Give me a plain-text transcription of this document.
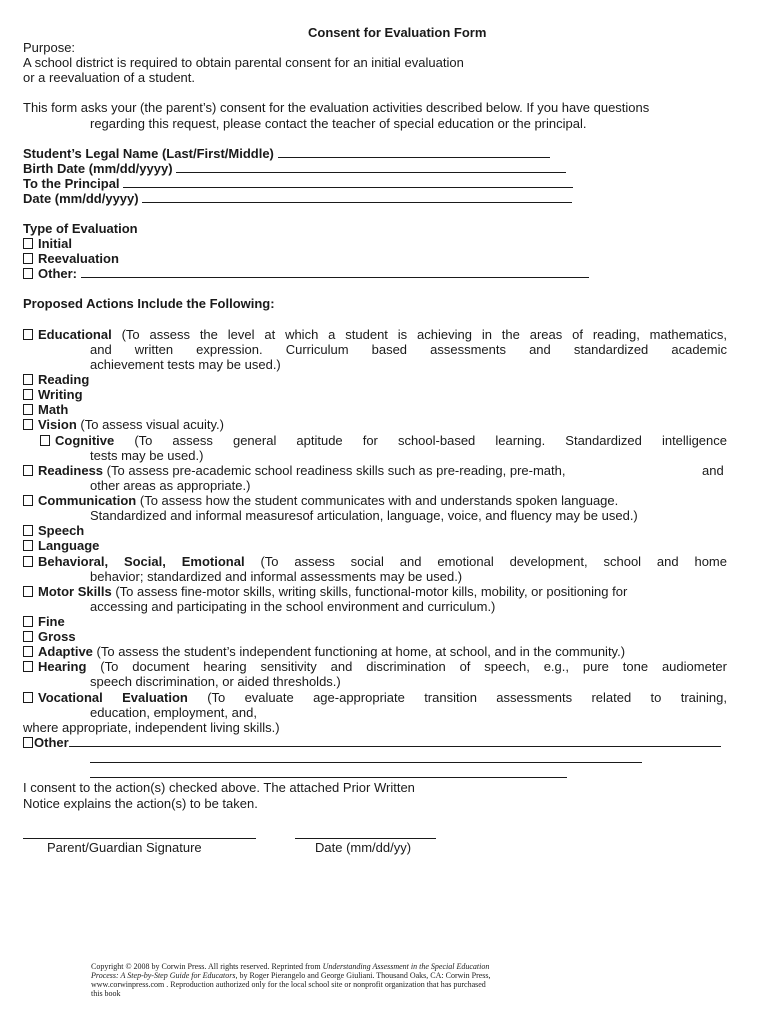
Consent for Evaluation Form
Purpose:
A school district is required to obtain parental consent for an initial evaluation
or a reevaluation of a student.
This form asks your (the parent’s) consent for the evaluation activities described below. If you have questions
regarding this request, please contact the teacher of special education or the principal.
Student’s Legal Name (Last/First/Middle)
Birth Date (mm/dd/yyyy)
To the Principal
Date (mm/dd/yyyy)
Type of Evaluation
Initial
Reevaluation
Other:
Proposed Actions Include the Following:
Educational (To assess the level at which a student is achieving in the areas of reading, mathematics,
and written expression. Curriculum based assessments and standardized academic
achievement tests may be used.)
Reading
Writing
Math
Vision (To assess visual acuity.)
Cognitive (To assess general aptitude for school-based learning. Standardized intelligence
tests may be used.)
Readiness (To assess pre-academic school readiness skills such as pre-reading, pre-math,	and
other areas as appropriate.)
Communication (To assess how the student communicates with and understands spoken language.
Standardized and informal measuresof articulation, language, voice, and fluency may be used.)
Speech
Language
Behavioral, Social, Emotional (To assess social and emotional development, school and home
behavior; standardized and informal assessments may be used.)
Motor Skills (To assess fine-motor skills, writing skills, functional-motor kills, mobility, or positioning for
accessing and participating in the school environment and curriculum.)
Fine
Gross
Adaptive (To assess the student’s independent functioning at home, at school, and in the community.)
Hearing (To document hearing sensitivity and discrimination of speech, e.g., pure tone audiometer
speech discrimination, or aided thresholds.)
Vocational Evaluation (To evaluate age-appropriate transition assessments related to training,
education, employment, and,
where appropriate, independent living skills.)
Other
I consent to the action(s) checked above. The attached Prior Written
Notice explains the action(s) to be taken.
Parent/Guardian Signature	Date (mm/dd/yy)
Copyright © 2008 by Corwin Press. All rights reserved. Reprinted from Understanding Assessment in the Special Education Process: A Step-by-Step Guide for Educators, by Roger Pierangelo and George Giuliani. Thousand Oaks, CA: Corwin Press, www.corwinpress.com . Reproduction authorized only for the local school site or nonprofit organization that has purchased this book
